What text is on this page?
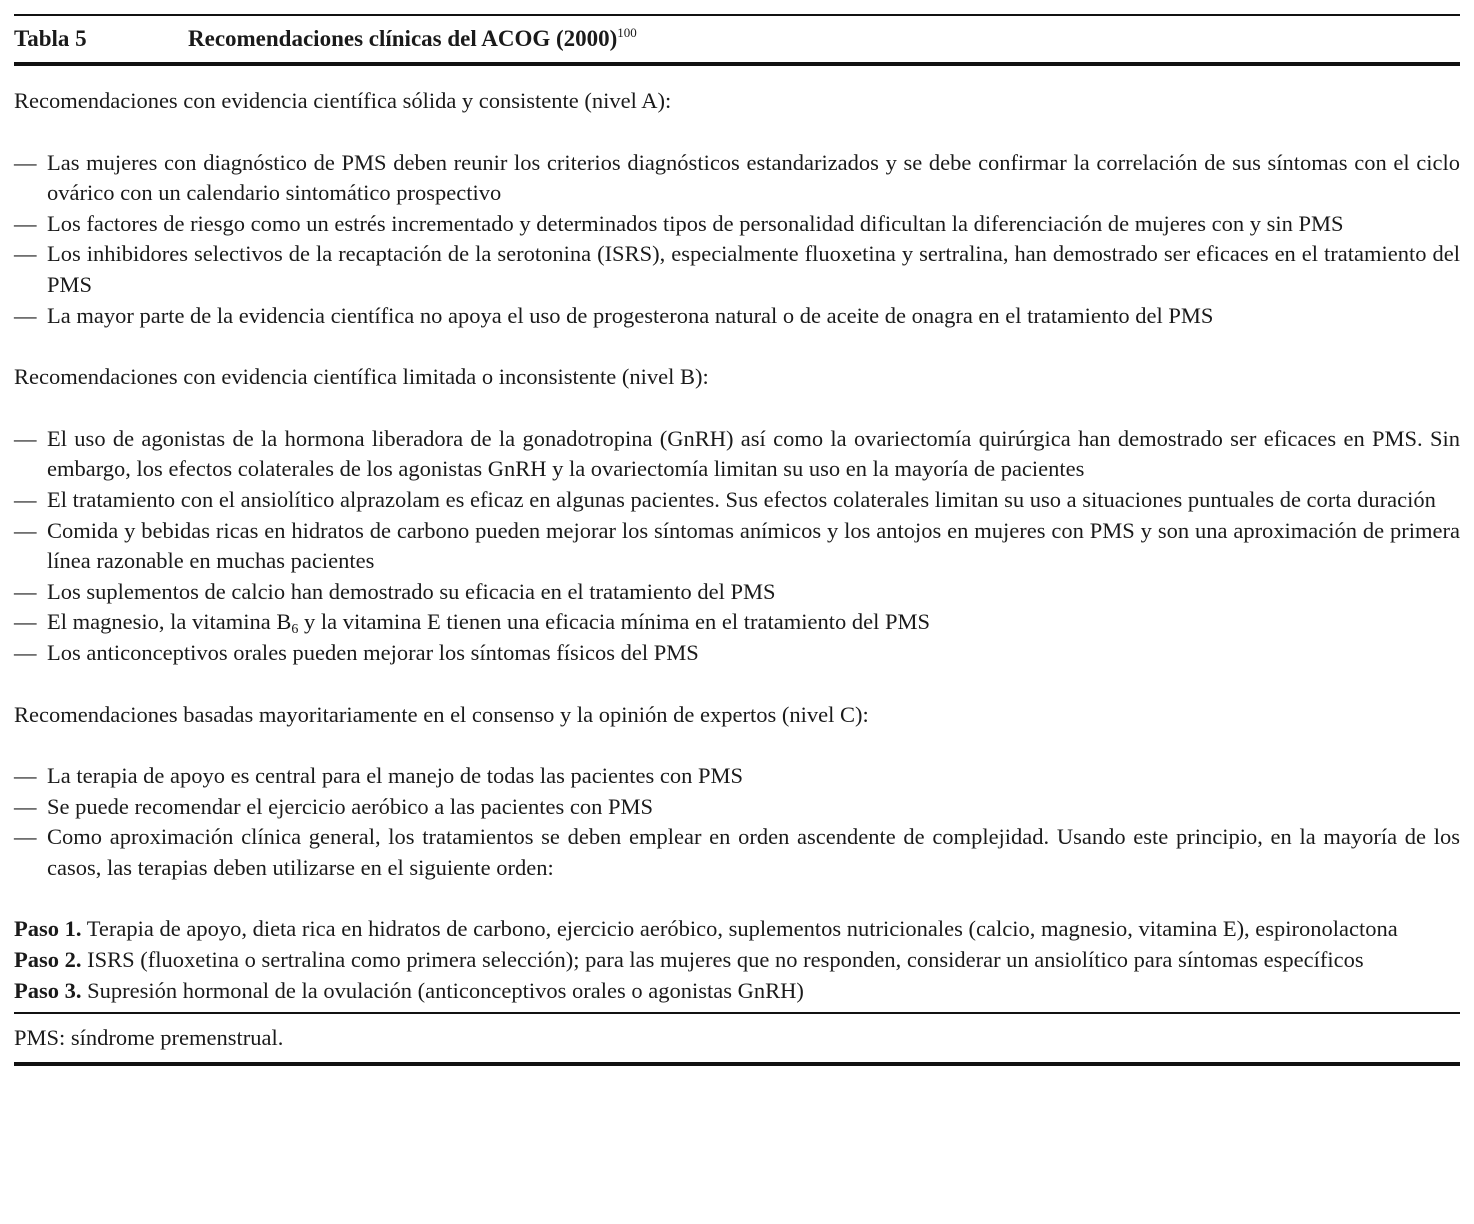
Tabla 5	Recomendaciones clínicas del ACOG $(2000)^{100}$

Recomendaciones con evidencia científica sólida y consistente (nivel A):

— Las mujeres con diagnóstico de PMS deben reunir los criterios diagnósticos estandarizados y se debe confirmar la correlación de sus síntomas con el ciclo ovárico con un calendario sintomático prospectivo
— Los factores de riesgo como un estrés incrementado y determinados tipos de personalidad dificultan la diferenciación de mujeres con y sin PMS
— Los inhibidores selectivos de la recaptación de la serotonina (ISRS), especialmente fluoxetina y sertralina, han demostrado ser eficaces en el tratamiento del PMS
— La mayor parte de la evidencia científica no apoya el uso de progesterona natural o de aceite de onagra en el tratamiento del PMS

Recomendaciones con evidencia científica limitada o inconsistente (nivel B):

— El uso de agonistas de la hormona liberadora de la gonadotropina (GnRH) así como la ovariectomía quirúrgica han demostrado ser eficaces en PMS. Sin embargo, los efectos colaterales de los agonistas GnRH y la ovariectomía limitan su uso en la mayoría de pacientes
— El tratamiento con el ansiolítico alprazolam es eficaz en algunas pacientes. Sus efectos colaterales limitan su uso a situaciones puntuales de corta duración
— Comida y bebidas ricas en hidratos de carbono pueden mejorar los síntomas anímicos y los antojos en mujeres con PMS y son una aproximación de primera línea razonable en muchas pacientes
— Los suplementos de calcio han demostrado su eficacia en el tratamiento del PMS
— El magnesio, la vitamina $B_6$ y la vitamina E tienen una eficacia mínima en el tratamiento del PMS
— Los anticonceptivos orales pueden mejorar los síntomas físicos del PMS

Recomendaciones basadas mayoritariamente en el consenso y la opinión de expertos (nivel C):

— La terapia de apoyo es central para el manejo de todas las pacientes con PMS
— Se puede recomendar el ejercicio aeróbico a las pacientes con PMS
— Como aproximación clínica general, los tratamientos se deben emplear en orden ascendente de complejidad. Usando este principio, en la mayoría de los casos, las terapias deben utilizarse en el siguiente orden:

Paso 1. Terapia de apoyo, dieta rica en hidratos de carbono, ejercicio aeróbico, suplementos nutricionales (calcio, magnesio, vitamina E), espironolactona

Paso 2. ISRS (fluoxetina o sertralina como primera selección); para las mujeres que no responden, considerar un ansiolítico para síntomas específicos

Paso 3. Supresión hormonal de la ovulación (anticonceptivos orales o agonistas GnRH)

PMS: síndrome premenstrual.
